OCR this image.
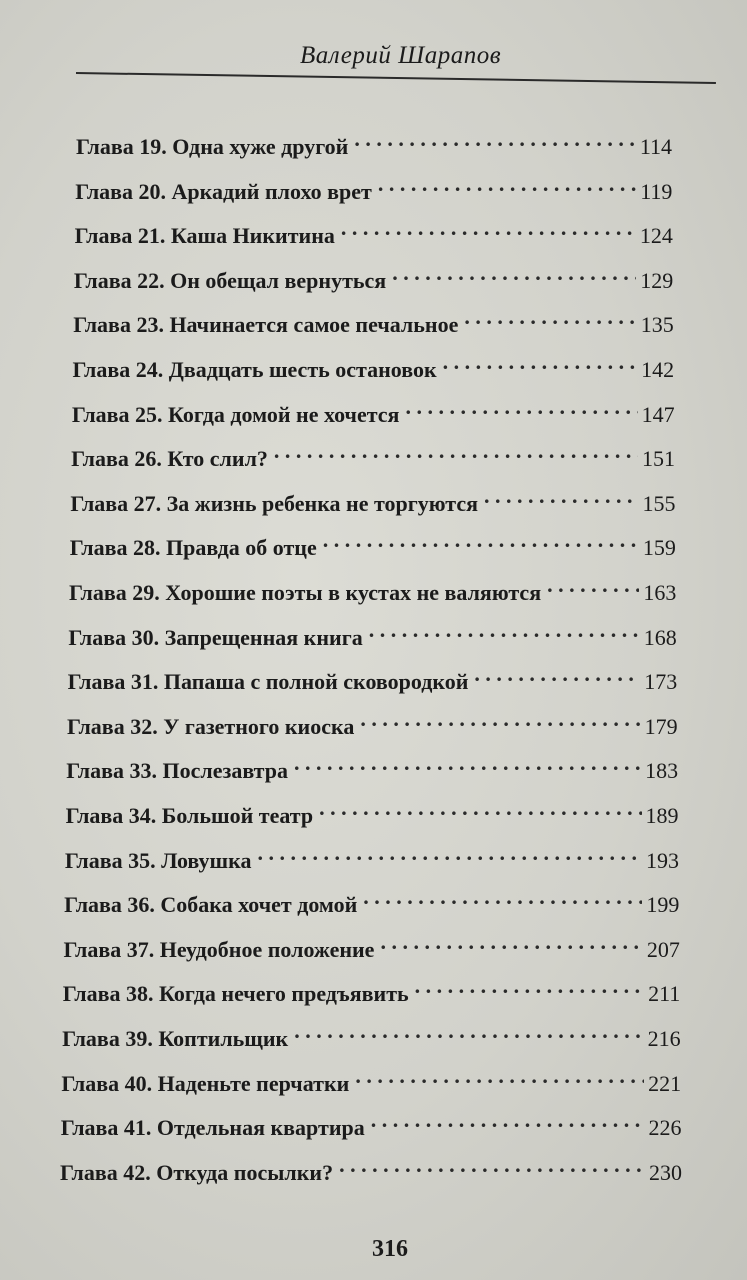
Валерий Шарапов
Глава 19. Одна хуже другой . . .	114
Глава 20. Аркадий плохо врет . . .	119
Глава 21. Каша Никитина . . .	124
Глава 22. Он обещал вернуться . . .	129
Глава 23. Начинается самое печальное . . .	135
Глава 24. Двадцать шесть остановок . . .	142
Глава 25. Когда домой не хочется . . .	147
Глава 26. Кто слил? . . .	151
Глава 27. За жизнь ребенка не торгуются . . .	155
Глава 28. Правда об отце . . .	159
Глава 29. Хорошие поэты в кустах не валяются . . .	163
Глава 30. Запрещенная книга . . .	168
Глава 31. Папаша с полной сковородкой . . .	173
Глава 32. У газетного киоска . . .	179
Глава 33. Послезавтра . . .	183
Глава 34. Большой театр . . .	189
Глава 35. Ловушка . . .	193
Глава 36. Собака хочет домой . . .	199
Глава 37. Неудобное положение . . .	207
Глава 38. Когда нечего предъявить . . .	211
Глава 39. Коптильщик . . .	216
Глава 40. Наденьте перчатки . . .	221
Глава 41. Отдельная квартира . . .	226
Глава 42. Откуда посылки? . . .	230
316
